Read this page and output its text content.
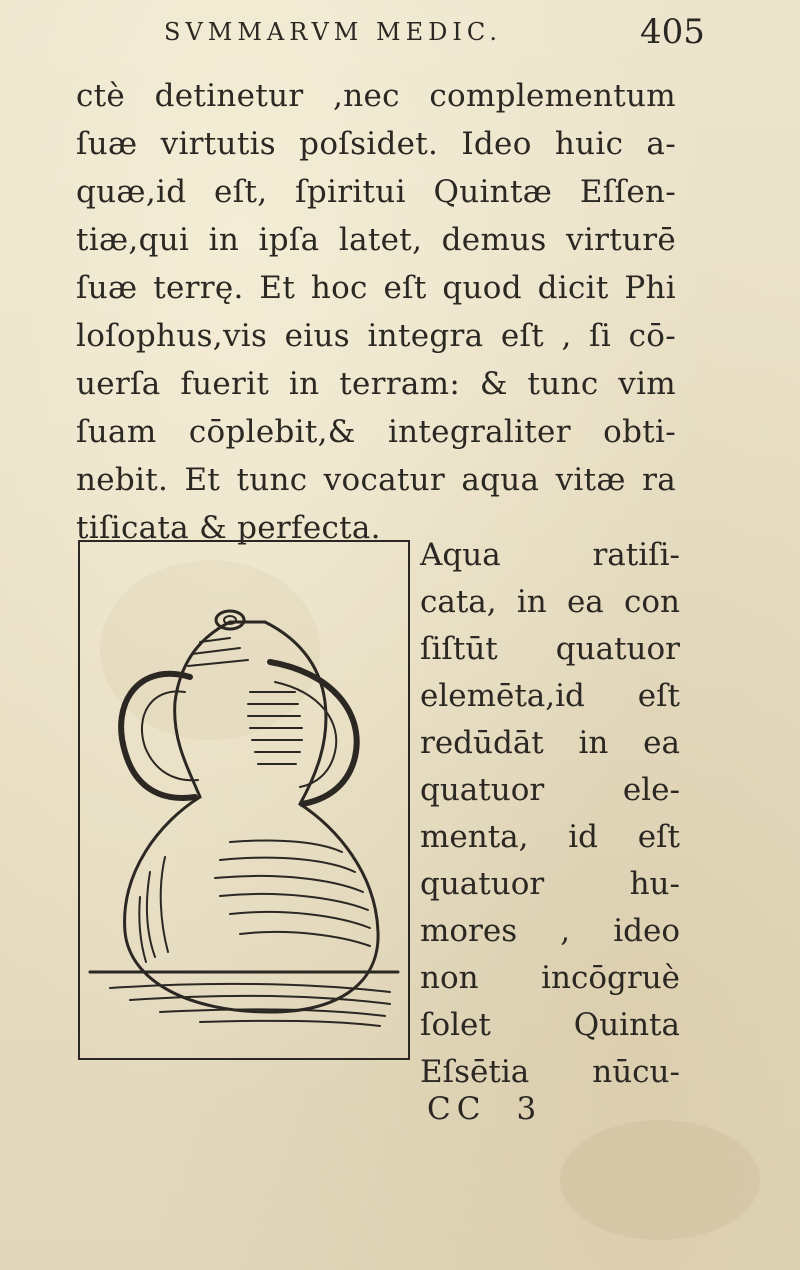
SVMMARVM MEDIC.	405
ctè detinetur ,nec complementum
ſuæ virtutis poſsidet. Ideo huic a-
quæ,id eſt, ſpiritui Quintæ Eſſen-
tiæ,qui in ipſa latet, demus virturē
ſuæ terrę. Et hoc eſt quod dicit Phi
loſophus,vis eius integra eſt , ſi cō-
uerſa fuerit in terram: & tunc vim
ſuam cōplebit,& integraliter obti-
nebit. Et tunc vocatur aqua vitæ ra
tiſicata & perfecta.
Aqua ratiſi-
cata, in ea con
ſiſtūt quatuor
elemēta,id eſt
redūdāt in ea
quatuor ele-
menta, id eſt
quatuor hu-
mores , ideo
non incōgruè
ſolet Quinta
Eſsētia nūcu-
CC 3
